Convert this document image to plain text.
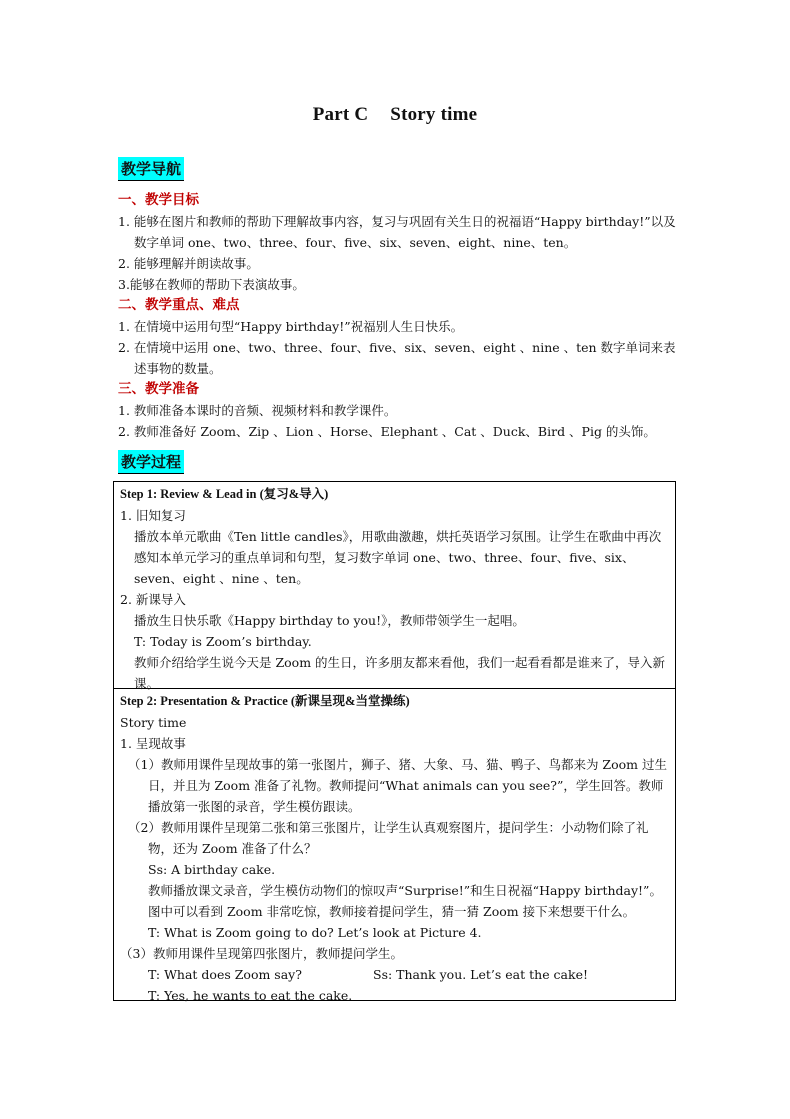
Part C Story time
教学导航
一、教学目标
1. 能够在图片和教师的帮助下理解故事内容，复习与巩固有关生日的祝福语“Happy birthday!”以及数字单词 one、two、three、four、five、six、seven、eight、nine、ten。
2. 能够理解并朗读故事。
3.能够在教师的帮助下表演故事。
二、教学重点、难点
1. 在情境中运用句型“Happy birthday!”祝福别人生日快乐。
2. 在情境中运用 one、two、three、four、five、six、seven、eight 、nine 、ten 数字单词来表述事物的数量。
三、教学准备
1. 教师准备本课时的音频、视频材料和教学课件。
2. 教师准备好 Zoom、Zip 、Lion 、Horse、Elephant 、Cat 、Duck、Bird 、Pig 的头饰。
教学过程
Step 1: Review & Lead in (复习&导入)
1. 旧知复习
播放本单元歌曲《Ten little candles》，用歌曲激趣，烘托英语学习氛围。让学生在歌曲中再次感知本单元学习的重点单词和句型，复习数字单词 one、two、three、four、five、six、seven、eight 、nine 、ten。
2. 新课导入
播放生日快乐歌《Happy birthday to you!》，教师带领学生一起唱。
T: Today is Zoom’s birthday.
教师介绍给学生说今天是 Zoom 的生日，许多朋友都来看他，我们一起看看都是谁来了，导入新课。
Step 2: Presentation & Practice (新课呈现&当堂操练)
Story time
1. 呈现故事
（1）教师用课件呈现故事的第一张图片，狮子、猪、大象、马、猫、鸭子、鸟都来为 Zoom 过生日，并且为 Zoom 准备了礼物。教师提问“What animals can you see?”，学生回答。教师播放第一张图的录音，学生模仿跟读。
（2）教师用课件呈现第二张和第三张图片，让学生认真观察图片，提问学生：小动物们除了礼物，还为 Zoom 准备了什么？
Ss: A birthday cake.
教师播放课文录音，学生模仿动物们的惊叹声“Surprise!”和生日祝福“Happy birthday!”。图中可以看到 Zoom 非常吃惊，教师接着提问学生，猜一猜 Zoom 接下来想要干什么。
T: What is Zoom going to do? Let’s look at Picture 4.
（3）教师用课件呈现第四张图片，教师提问学生。
T: What does Zoom say?	Ss: Thank you. Let’s eat the cake!
T: Yes, he wants to eat the cake.
